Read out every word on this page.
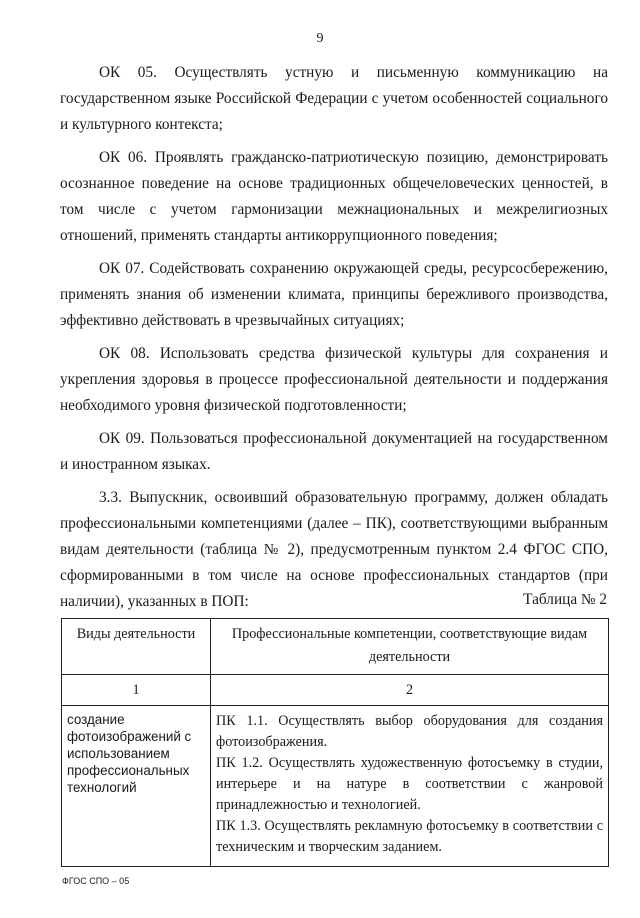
9

ОК 05. Осуществлять устную и письменную коммуникацию на государственном языке Российской Федерации с учетом особенностей социального и культурного контекста;

ОК 06. Проявлять гражданско-патриотическую позицию, демонстрировать осознанное поведение на основе традиционных общечеловеческих ценностей, в том числе с учетом гармонизации межнациональных и межрелигиозных отношений, применять стандарты антикоррупционного поведения;

ОК 07. Содействовать сохранению окружающей среды, ресурсосбережению, применять знания об изменении климата, принципы бережливого производства, эффективно действовать в чрезвычайных ситуациях;

ОК 08. Использовать средства физической культуры для сохранения и укрепления здоровья в процессе профессиональной деятельности и поддержания необходимого уровня физической подготовленности;

ОК 09. Пользоваться профессиональной документацией на государственном и иностранном языках.

3.3. Выпускник, освоивший образовательную программу, должен обладать профессиональными компетенциями (далее – ПК), соответствующими выбранным видам деятельности (таблица № 2), предусмотренным пунктом 2.4 ФГОС СПО, сформированными в том числе на основе профессиональных стандартов (при наличии), указанных в ПОП:	Таблица № 2
Виды деятельности	Профессиональные компетенции, соответствующие видам деятельности
1	2
создание фотоизображений с использованием профессиональных технологий	ПК 1.1. Осуществлять выбор оборудования для создания фотоизображения.

ПК 1.2. Осуществлять художественную фотосъемку в студии, интерьере и на натуре в соответствии с жанровой принадлежностью и технологией.

ПК 1.3. Осуществлять рекламную фотосъемку в соответствии с техническим и творческим заданием.

ФГОС СПО – 05
